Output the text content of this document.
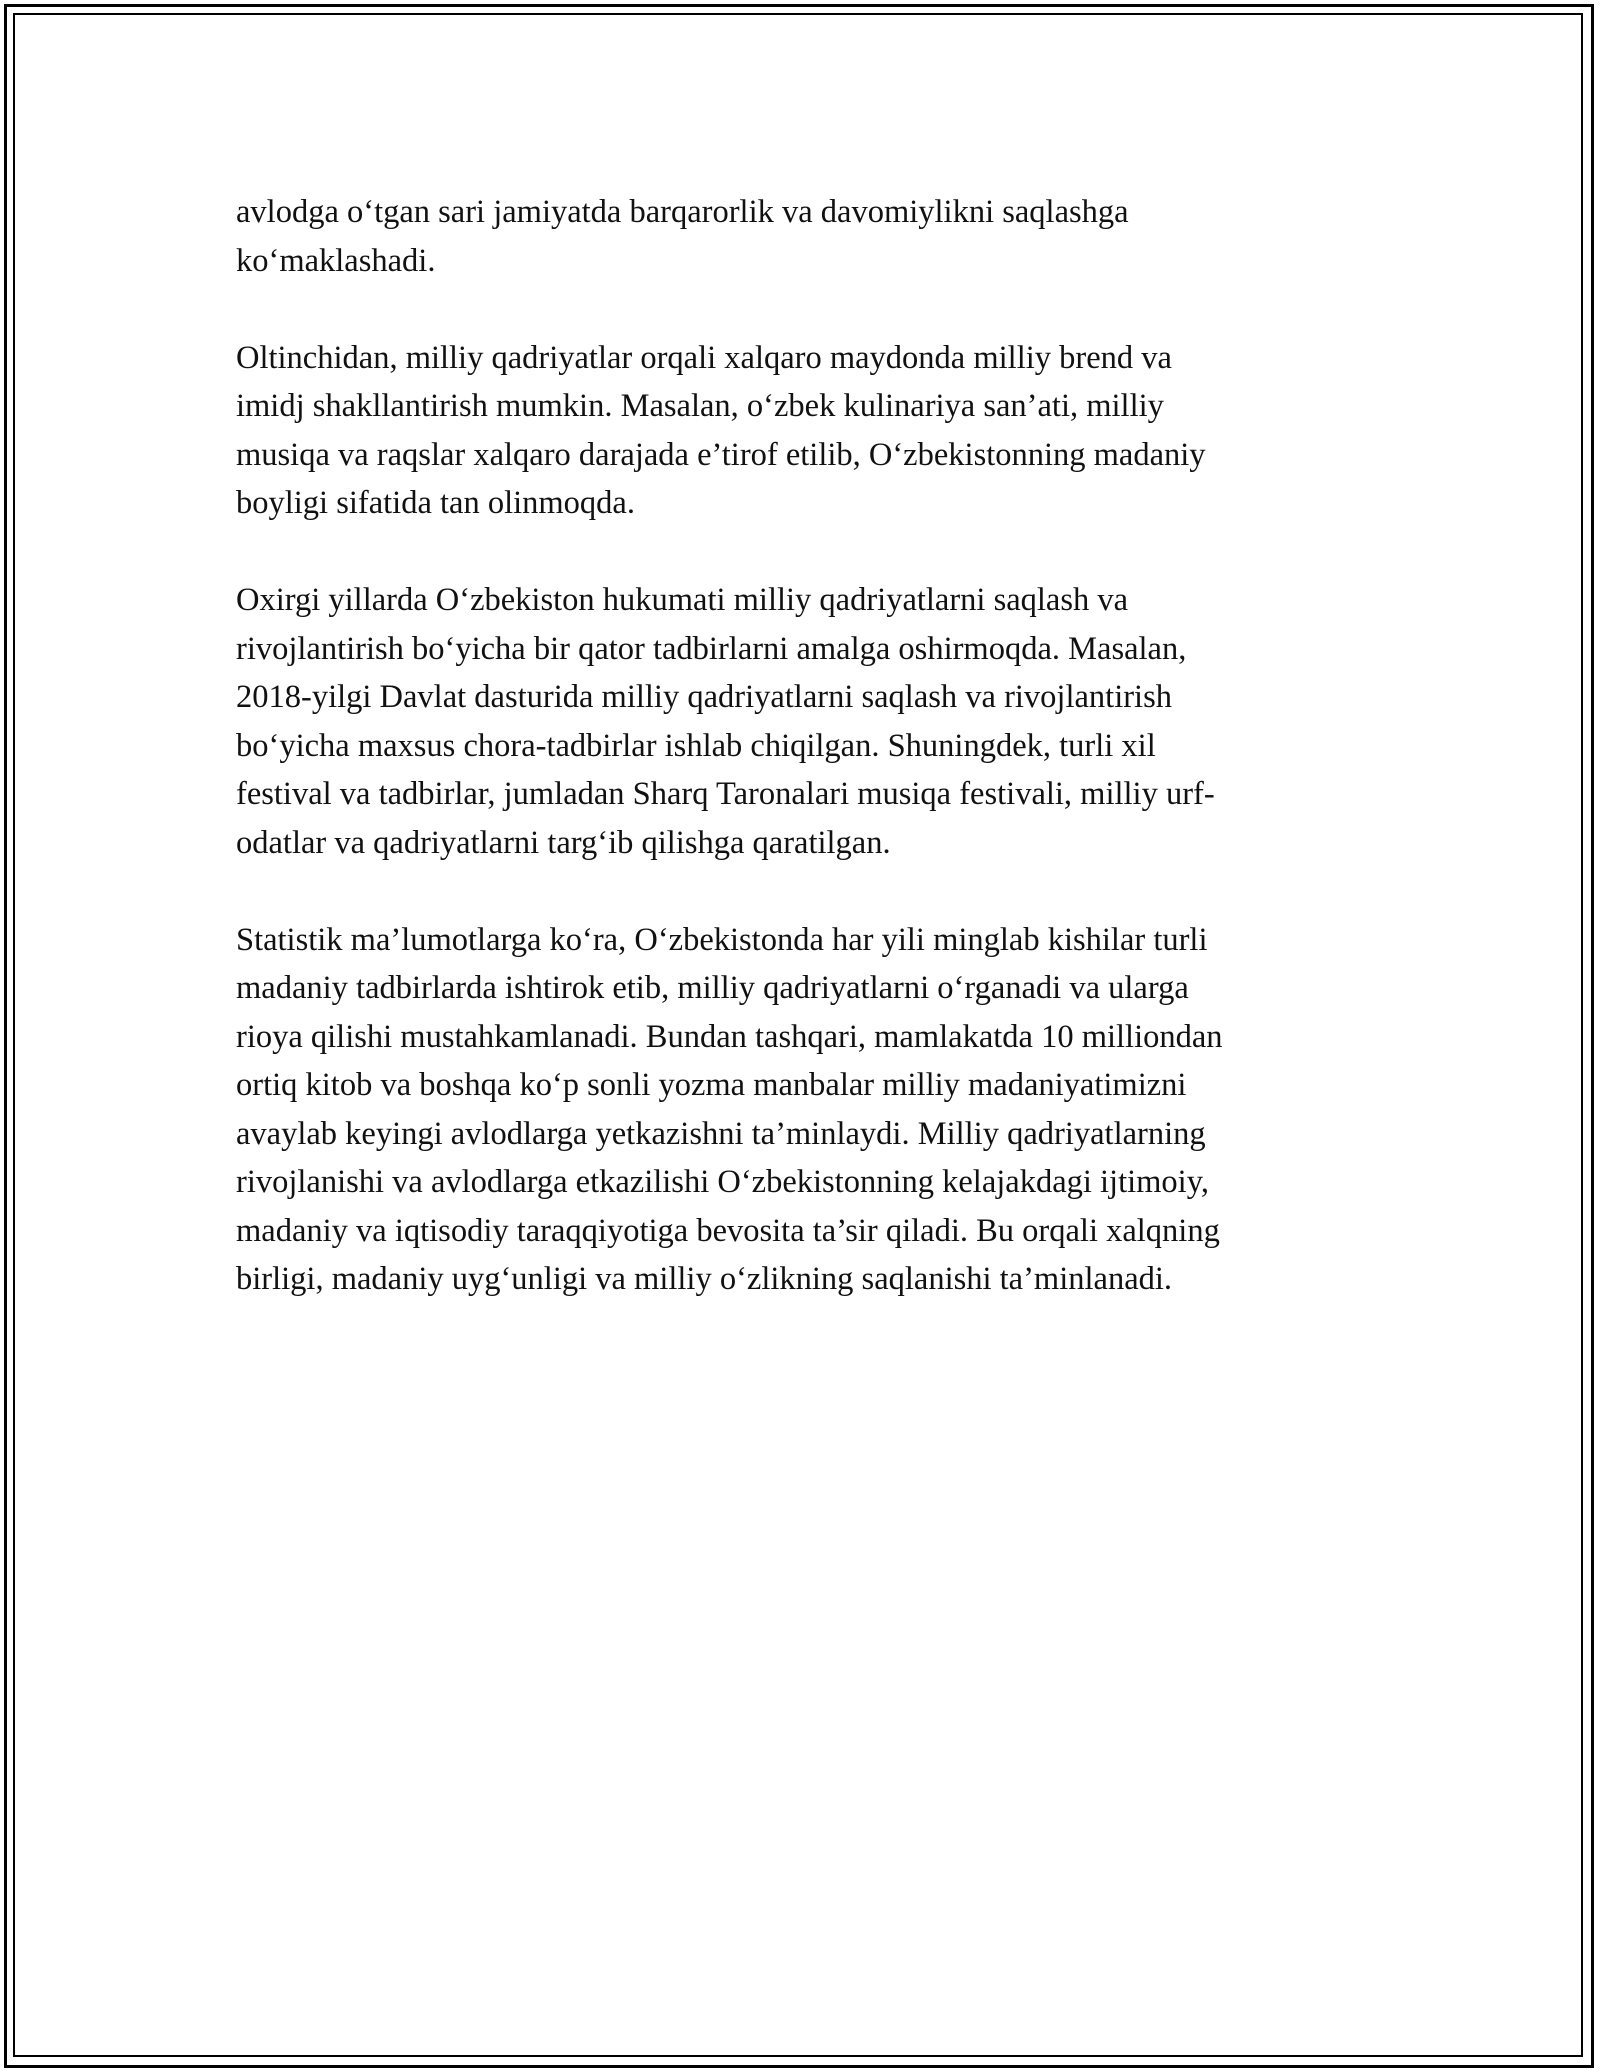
avlodga o‘tgan sari jamiyatda barqarorlik va davomiylikni saqlashga
ko‘maklashadi.

Oltinchidan, milliy qadriyatlar orqali xalqaro maydonda milliy brend va
imidj shakllantirish mumkin. Masalan, o‘zbek kulinariya san’ati, milliy
musiqa va raqslar xalqaro darajada e’tirof etilib, O‘zbekistonning madaniy
boyligi sifatida tan olinmoqda.

Oxirgi yillarda O‘zbekiston hukumati milliy qadriyatlarni saqlash va
rivojlantirish bo‘yicha bir qator tadbirlarni amalga oshirmoqda. Masalan,
2018-yilgi Davlat dasturida milliy qadriyatlarni saqlash va rivojlantirish
bo‘yicha maxsus chora-tadbirlar ishlab chiqilgan. Shuningdek, turli xil
festival va tadbirlar, jumladan Sharq Taronalari musiqa festivali, milliy urf-
odatlar va qadriyatlarni targ‘ib qilishga qaratilgan.

Statistik ma’lumotlarga ko‘ra, O‘zbekistonda har yili minglab kishilar turli
madaniy tadbirlarda ishtirok etib, milliy qadriyatlarni o‘rganadi va ularga
rioya qilishi mustahkamlanadi. Bundan tashqari, mamlakatda 10 milliondan
ortiq kitob va boshqa ko‘p sonli yozma manbalar milliy madaniyatimizni
avaylab keyingi avlodlarga yetkazishni ta’minlaydi. Milliy qadriyatlarning
rivojlanishi va avlodlarga etkazilishi O‘zbekistonning kelajakdagi ijtimoiy,
madaniy va iqtisodiy taraqqiyotiga bevosita ta’sir qiladi. Bu orqali xalqning
birligi, madaniy uyg‘unligi va milliy o‘zlikning saqlanishi ta’minlanadi.
